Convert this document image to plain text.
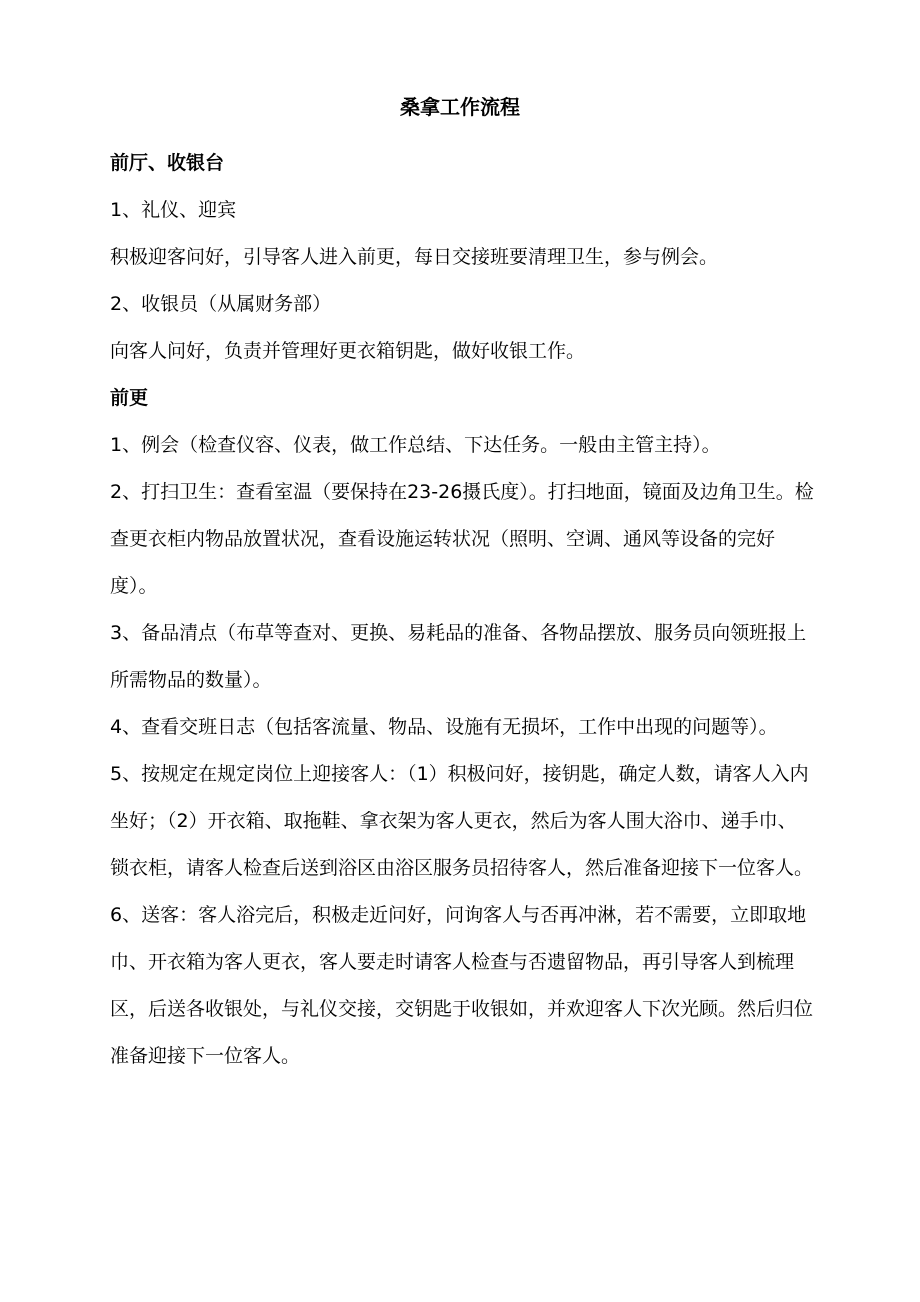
桑拿工作流程

前厅、收银台

1、礼仪、迎宾

积极迎客问好，引导客人进入前更，每日交接班要清理卫生，参与例会。

2、收银员（从属财务部）

向客人问好，负责并管理好更衣箱钥匙，做好收银工作。

前更

1、例会（检查仪容、仪表，做工作总结、下达任务。一般由主管主持）。

2、打扫卫生：查看室温（要保持在23-26摄氏度）。打扫地面，镜面及边角卫生。检查更衣柜内物品放置状况，查看设施运转状况（照明、空调、通风等设备的完好度）。

3、备品清点（布草等查对、更换、易耗品的准备、各物品摆放、服务员向领班报上所需物品的数量）。

4、查看交班日志（包括客流量、物品、设施有无损坏，工作中出现的问题等）。

5、按规定在规定岗位上迎接客人：（1）积极问好，接钥匙，确定人数，请客人入内坐好；（2）开衣箱、取拖鞋、拿衣架为客人更衣，然后为客人围大浴巾、递手巾、锁衣柜，请客人检查后送到浴区由浴区服务员招待客人，然后准备迎接下一位客人。

6、送客：客人浴完后，积极走近问好，问询客人与否再冲淋，若不需要，立即取地巾、开衣箱为客人更衣，客人要走时请客人检查与否遗留物品，再引导客人到梳理区，后送各收银处，与礼仪交接，交钥匙于收银如，并欢迎客人下次光顾。然后归位准备迎接下一位客人。
